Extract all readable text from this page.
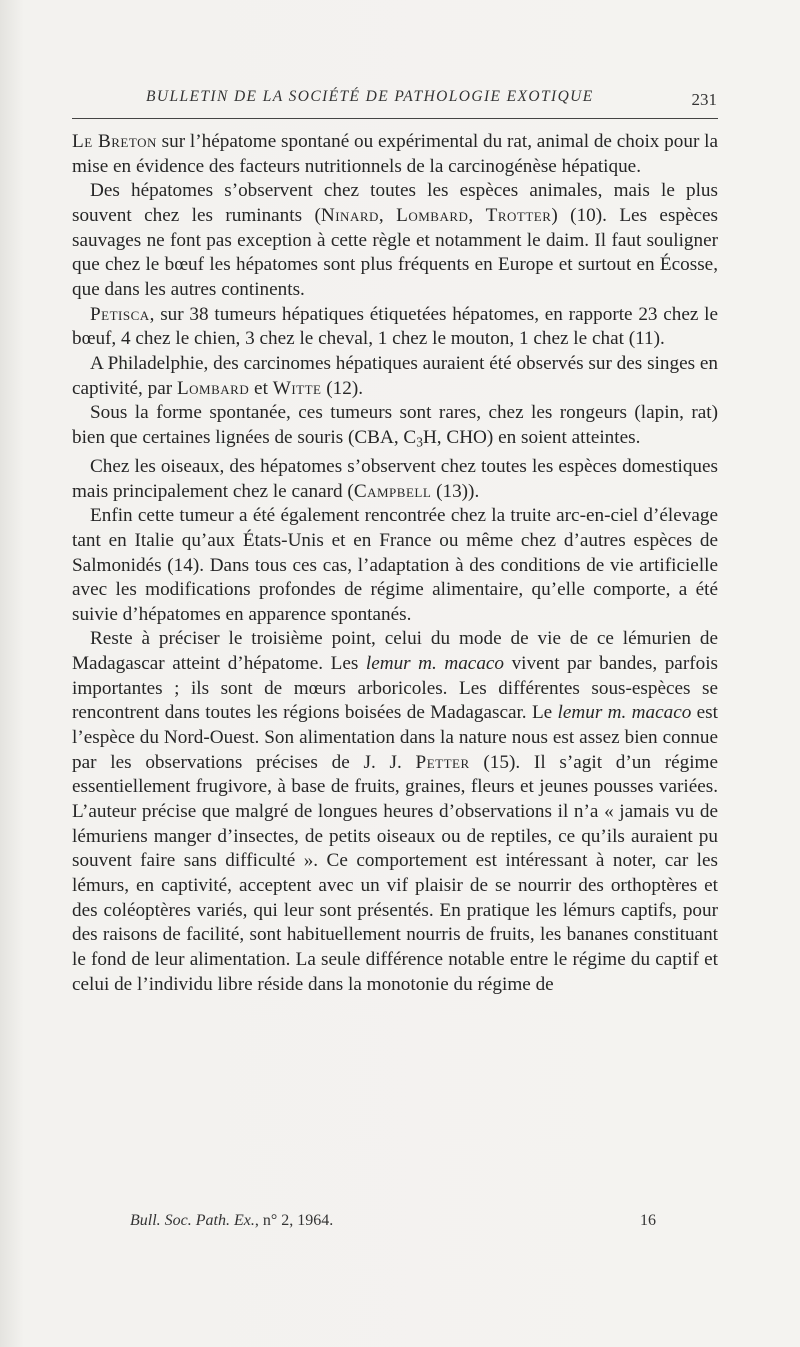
BULLETIN DE LA SOCIÉTÉ DE PATHOLOGIE EXOTIQUE	231

Le Breton sur l’hépatome spontané ou expérimental du rat, animal de choix pour la mise en évidence des facteurs nutritionnels de la carcinogénèse hépatique.

Des hépatomes s’observent chez toutes les espèces animales, mais le plus souvent chez les ruminants (Ninard, Lombard, Trotter) (10). Les espèces sauvages ne font pas exception à cette règle et notamment le daim. Il faut souligner que chez le bœuf les hépatomes sont plus fréquents en Europe et surtout en Écosse, que dans les autres continents.

Petisca, sur 38 tumeurs hépatiques étiquetées hépatomes, en rapporte 23 chez le bœuf, 4 chez le chien, 3 chez le cheval, 1 chez le mouton, 1 chez le chat (11).

A Philadelphie, des carcinomes hépatiques auraient été observés sur des singes en captivité, par Lombard et Witte (12).

Sous la forme spontanée, ces tumeurs sont rares, chez les rongeurs (lapin, rat) bien que certaines lignées de souris (CBA, $C_3H$, CHO) en soient atteintes.

Chez les oiseaux, des hépatomes s’observent chez toutes les espèces domestiques mais principalement chez le canard (Campbell (13)).

Enfin cette tumeur a été également rencontrée chez la truite arc-en-ciel d’élevage tant en Italie qu’aux États-Unis et en France ou même chez d’autres espèces de Salmonidés (14). Dans tous ces cas, l’adaptation à des conditions de vie artificielle avec les modifications profondes de régime alimentaire, qu’elle comporte, a été suivie d’hépatomes en apparence spontanés.

Reste à préciser le troisième point, celui du mode de vie de ce lémurien de Madagascar atteint d’hépatome. Les lemur m. macaco vivent par bandes, parfois importantes ; ils sont de mœurs arboricoles. Les différentes sous-espèces se rencontrent dans toutes les régions boisées de Madagascar. Le lemur m. macaco est l’espèce du Nord-Ouest. Son alimentation dans la nature nous est assez bien connue par les observations précises de J. J. Petter (15). Il s’agit d’un régime essentiellement frugivore, à base de fruits, graines, fleurs et jeunes pousses variées. L’auteur précise que malgré de longues heures d’observations il n’a « jamais vu de lémuriens manger d’insectes, de petits oiseaux ou de reptiles, ce qu’ils auraient pu souvent faire sans difficulté ». Ce comportement est intéressant à noter, car les lémurs, en captivité, acceptent avec un vif plaisir de se nourrir des orthoptères et des coléoptères variés, qui leur sont présentés. En pratique les lémurs captifs, pour des raisons de facilité, sont habituellement nourris de fruits, les bananes constituant le fond de leur alimentation. La seule différence notable entre le régime du captif et celui de l’individu libre réside dans la monotonie du régime de

Bull. Soc. Path. Ex., n° 2, 1964.	16
